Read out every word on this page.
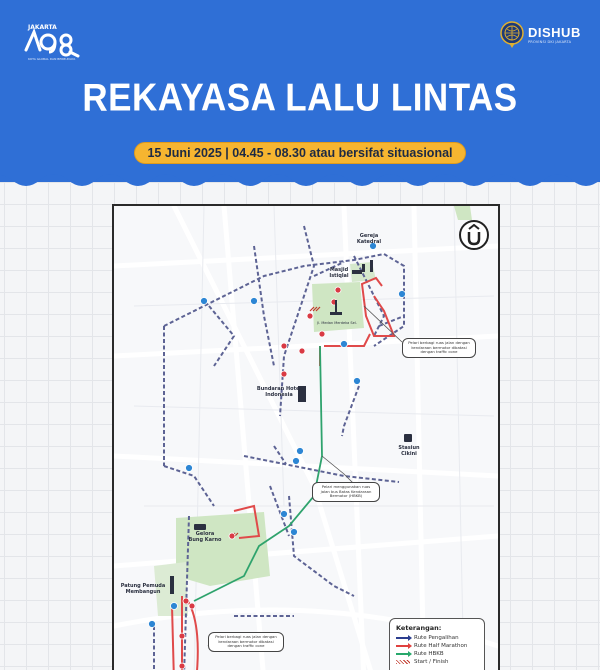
JAKARTA
KOTA GLOBAL DAN BERBUDAYA
DISHUB
PROVINSI DKI JAKARTA
REKAYASA LALU LINTAS
15 Juni 2025 | 04.45 - 08.30 atau bersifat situasional
Gereja Katedral
Masjid Istiqlal
Bundaran Hotel Indonesia
Stasiun Cikini
Gelora Bung Karno
Patung Pemuda Membangun
Jl. Medan Merdeka Sel.
Pelari berbagi ruas jalan dengan kendaraan bermotor dibatasi dengan traffic cone
Pelari menggunakan ruas jalan bus Batas Kendaraan Bermotor (HBKB)
Pelari berbagi ruas jalan dengan kendaraan bermotor dibatasi dengan traffic cone
Keterangan:
Rute Pengalihan
Rute Half Marathon
Rute HBKB
Start / Finish
